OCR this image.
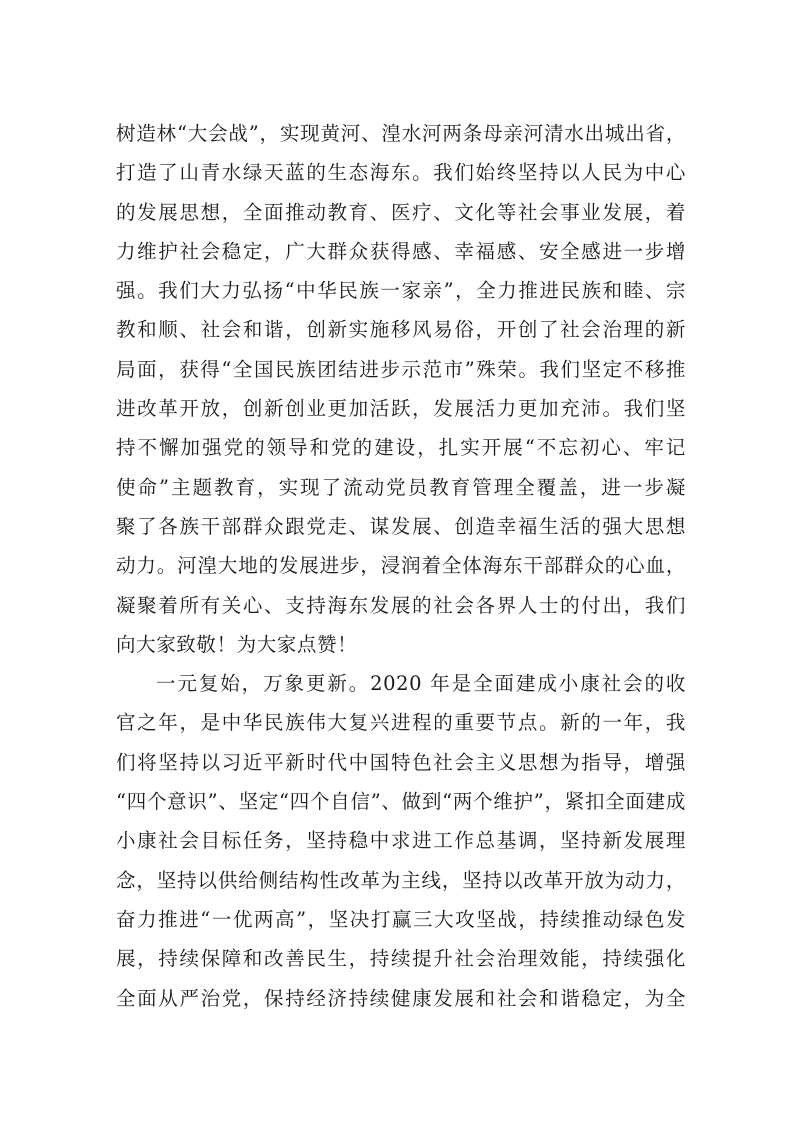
树造林“大会战”，实现黄河、湟水河两条母亲河清水出城出省，
打造了山青水绿天蓝的生态海东。我们始终坚持以人民为中心
的发展思想，全面推动教育、医疗、文化等社会事业发展，着
力维护社会稳定，广大群众获得感、幸福感、安全感进一步增
强。我们大力弘扬“中华民族一家亲”，全力推进民族和睦、宗
教和顺、社会和谐，创新实施移风易俗，开创了社会治理的新
局面，获得“全国民族团结进步示范市”殊荣。我们坚定不移推
进改革开放，创新创业更加活跃，发展活力更加充沛。我们坚
持不懈加强党的领导和党的建设，扎实开展“不忘初心、牢记
使命”主题教育，实现了流动党员教育管理全覆盖，进一步凝
聚了各族干部群众跟党走、谋发展、创造幸福生活的强大思想
动力。河湟大地的发展进步，浸润着全体海东干部群众的心血，
凝聚着所有关心、支持海东发展的社会各界人士的付出，我们
向大家致敬！为大家点赞！
一元复始，万象更新。2020 年是全面建成小康社会的收
官之年，是中华民族伟大复兴进程的重要节点。新的一年，我
们将坚持以习近平新时代中国特色社会主义思想为指导，增强
“四个意识”、坚定“四个自信”、做到“两个维护”，紧扣全面建成
小康社会目标任务，坚持稳中求进工作总基调，坚持新发展理
念，坚持以供给侧结构性改革为主线，坚持以改革开放为动力，
奋力推进“一优两高”，坚决打赢三大攻坚战，持续推动绿色发
展，持续保障和改善民生，持续提升社会治理效能，持续强化
全面从严治党，保持经济持续健康发展和社会和谐稳定，为全
